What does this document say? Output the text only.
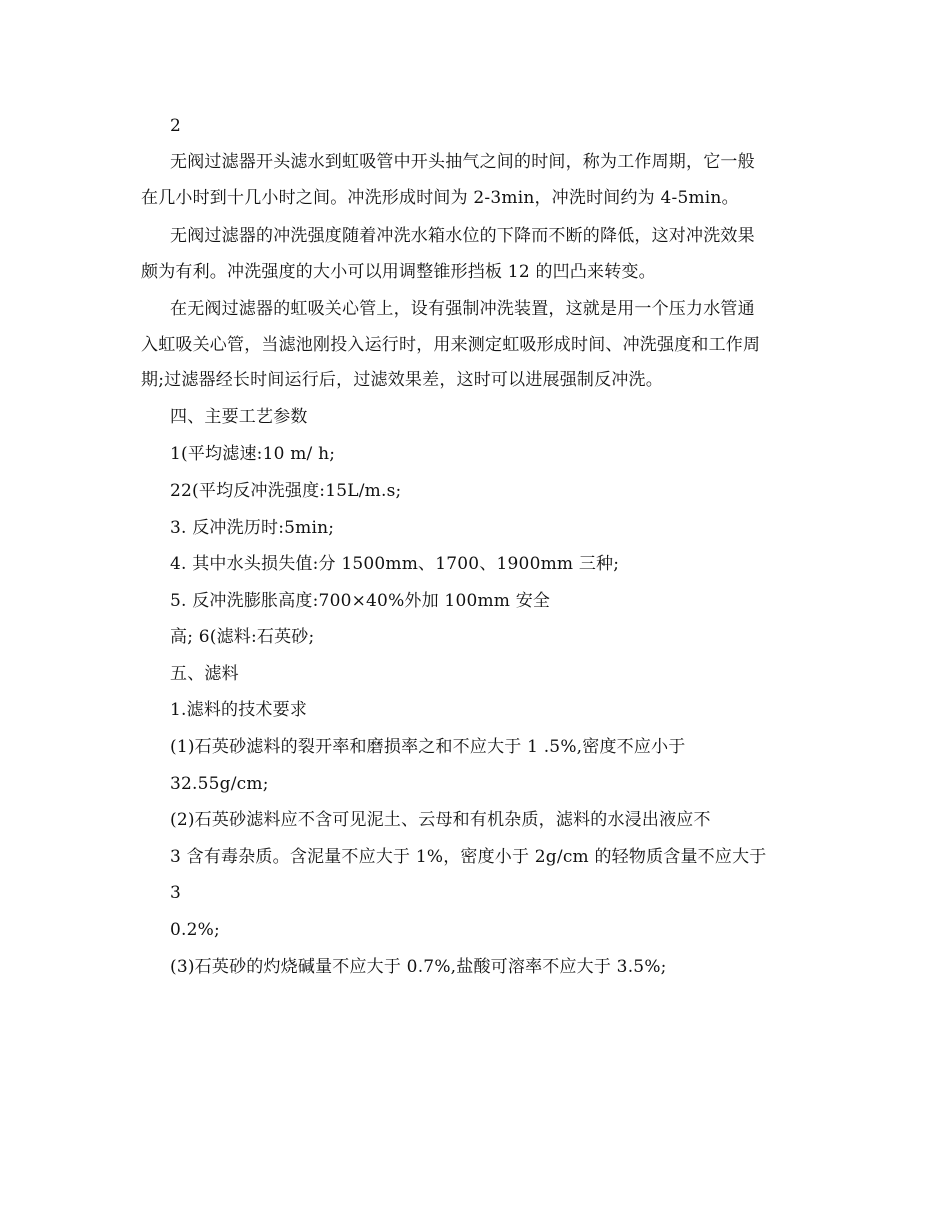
2
无阀过滤器开头滤水到虹吸管中开头抽气之间的时间，称为工作周期，它一般
在几小时到十几小时之间。冲洗形成时间为 2-3min，冲洗时间约为 4-5min。
无阀过滤器的冲洗强度随着冲洗水箱水位的下降而不断的降低，这对冲洗效果
颇为有利。冲洗强度的大小可以用调整锥形挡板 12 的凹凸来转变。
在无阀过滤器的虹吸关心管上，设有强制冲洗装置，这就是用一个压力水管通
入虹吸关心管，当滤池刚投入运行时，用来测定虹吸形成时间、冲洗强度和工作周
期;过滤器经长时间运行后，过滤效果差，这时可以进展强制反冲洗。
四、主要工艺参数
1(平均滤速:10 m/ h;
22(平均反冲洗强度:15L/m.s;
3. 反冲洗历时:5min;
4. 其中水头损失值:分 1500mm、1700、1900mm 三种;
5. 反冲洗膨胀高度:700×40%外加 100mm 安全
高; 6(滤料:石英砂;
五、滤料
1.滤料的技术要求
(1)石英砂滤料的裂开率和磨损率之和不应大于 1 .5%,密度不应小于
32.55g/cm;
(2)石英砂滤料应不含可见泥土、云母和有机杂质，滤料的水浸出液应不
3 含有毒杂质。含泥量不应大于 1%，密度小于 2g/cm 的轻物质含量不应大于
3
0.2%;
(3)石英砂的灼烧碱量不应大于 0.7%,盐酸可溶率不应大于 3.5%;
